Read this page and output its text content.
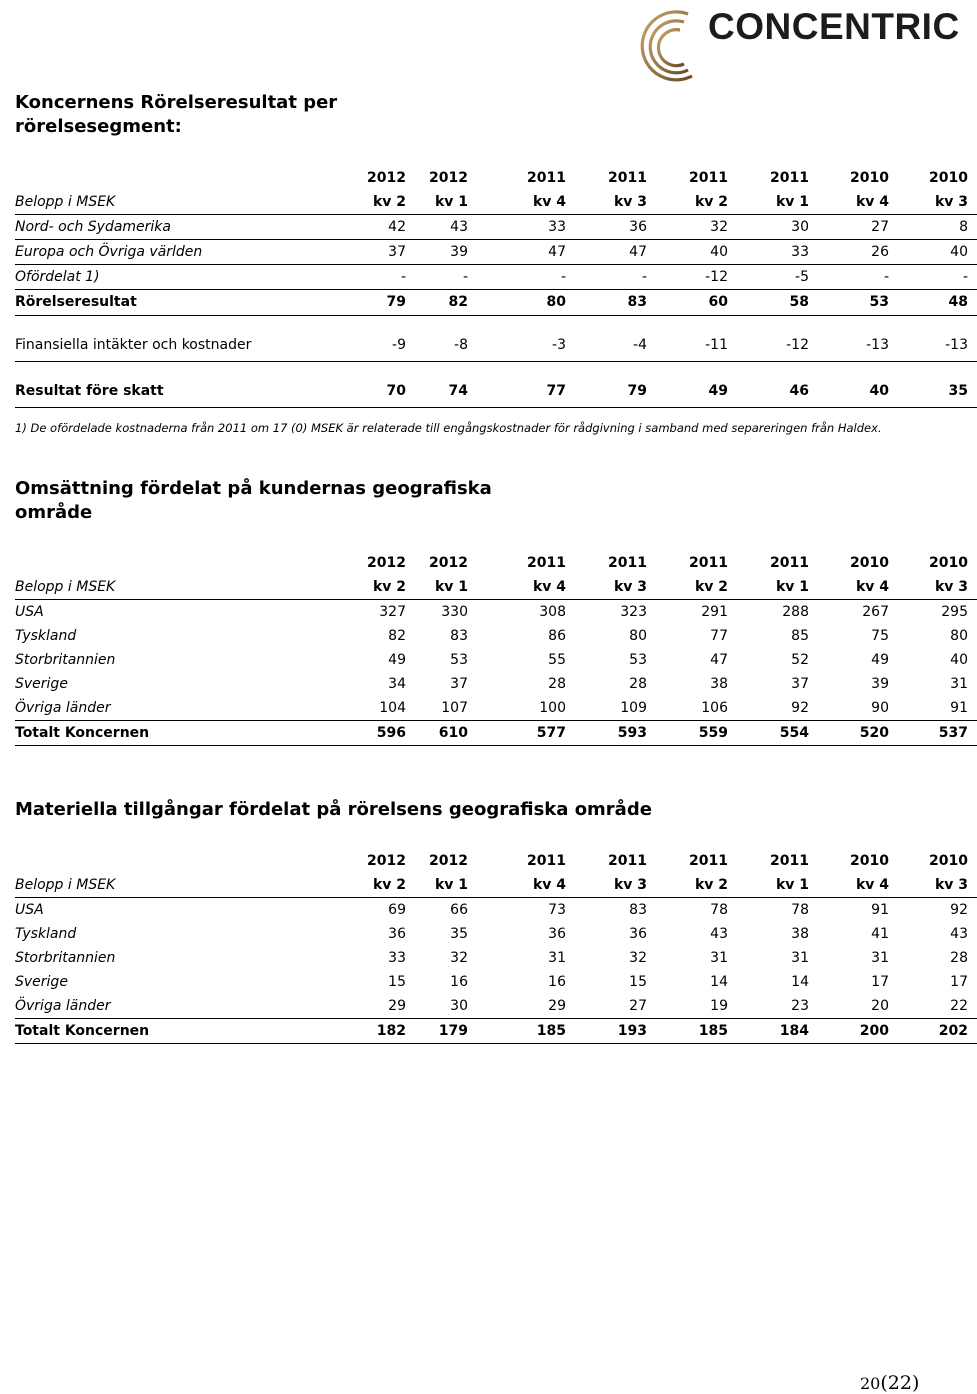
CONCENTRIC
Koncernens Rörelseresultat per rörelsesegment:
	2012	2012		2011	2011	2011	2011	2010	2010
Belopp i MSEK	kv 2	kv 1		kv 4	kv 3	kv 2	kv 1	kv 4	kv 3
Nord- och Sydamerika	42	43		33	36	32	30	27	8
Europa och Övriga världen	37	39		47	47	40	33	26	40
Ofördelat 1)	-	-		-	-	-12	-5	-	-
Rörelseresultat	79	82		80	83	60	58	53	48
Finansiella intäkter och kostnader	-9	-8		-3	-4	-11	-12	-13	-13
Resultat före skatt	70	74		77	79	49	46	40	35
1) De ofördelade kostnaderna från 2011 om 17 (0) MSEK är relaterade till engångskostnader för rådgivning i samband med separeringen från Haldex.
Omsättning fördelat på kundernas geografiska område
	2012	2012		2011	2011	2011	2011	2010	2010
Belopp i MSEK	kv 2	kv 1		kv 4	kv 3	kv 2	kv 1	kv 4	kv 3
USA	327	330		308	323	291	288	267	295
Tyskland	82	83		86	80	77	85	75	80
Storbritannien	49	53		55	53	47	52	49	40
Sverige	34	37		28	28	38	37	39	31
Övriga länder	104	107		100	109	106	92	90	91
Totalt Koncernen	596	610		577	593	559	554	520	537
Materiella tillgångar fördelat på rörelsens geografiska område
	2012	2012		2011	2011	2011	2011	2010	2010
Belopp i MSEK	kv 2	kv 1		kv 4	kv 3	kv 2	kv 1	kv 4	kv 3
USA	69	66		73	83	78	78	91	92
Tyskland	36	35		36	36	43	38	41	43
Storbritannien	33	32		31	32	31	31	31	28
Sverige	15	16		16	15	14	14	17	17
Övriga länder	29	30		29	27	19	23	20	22
Totalt Koncernen	182	179		185	193	185	184	200	202
20(22)
